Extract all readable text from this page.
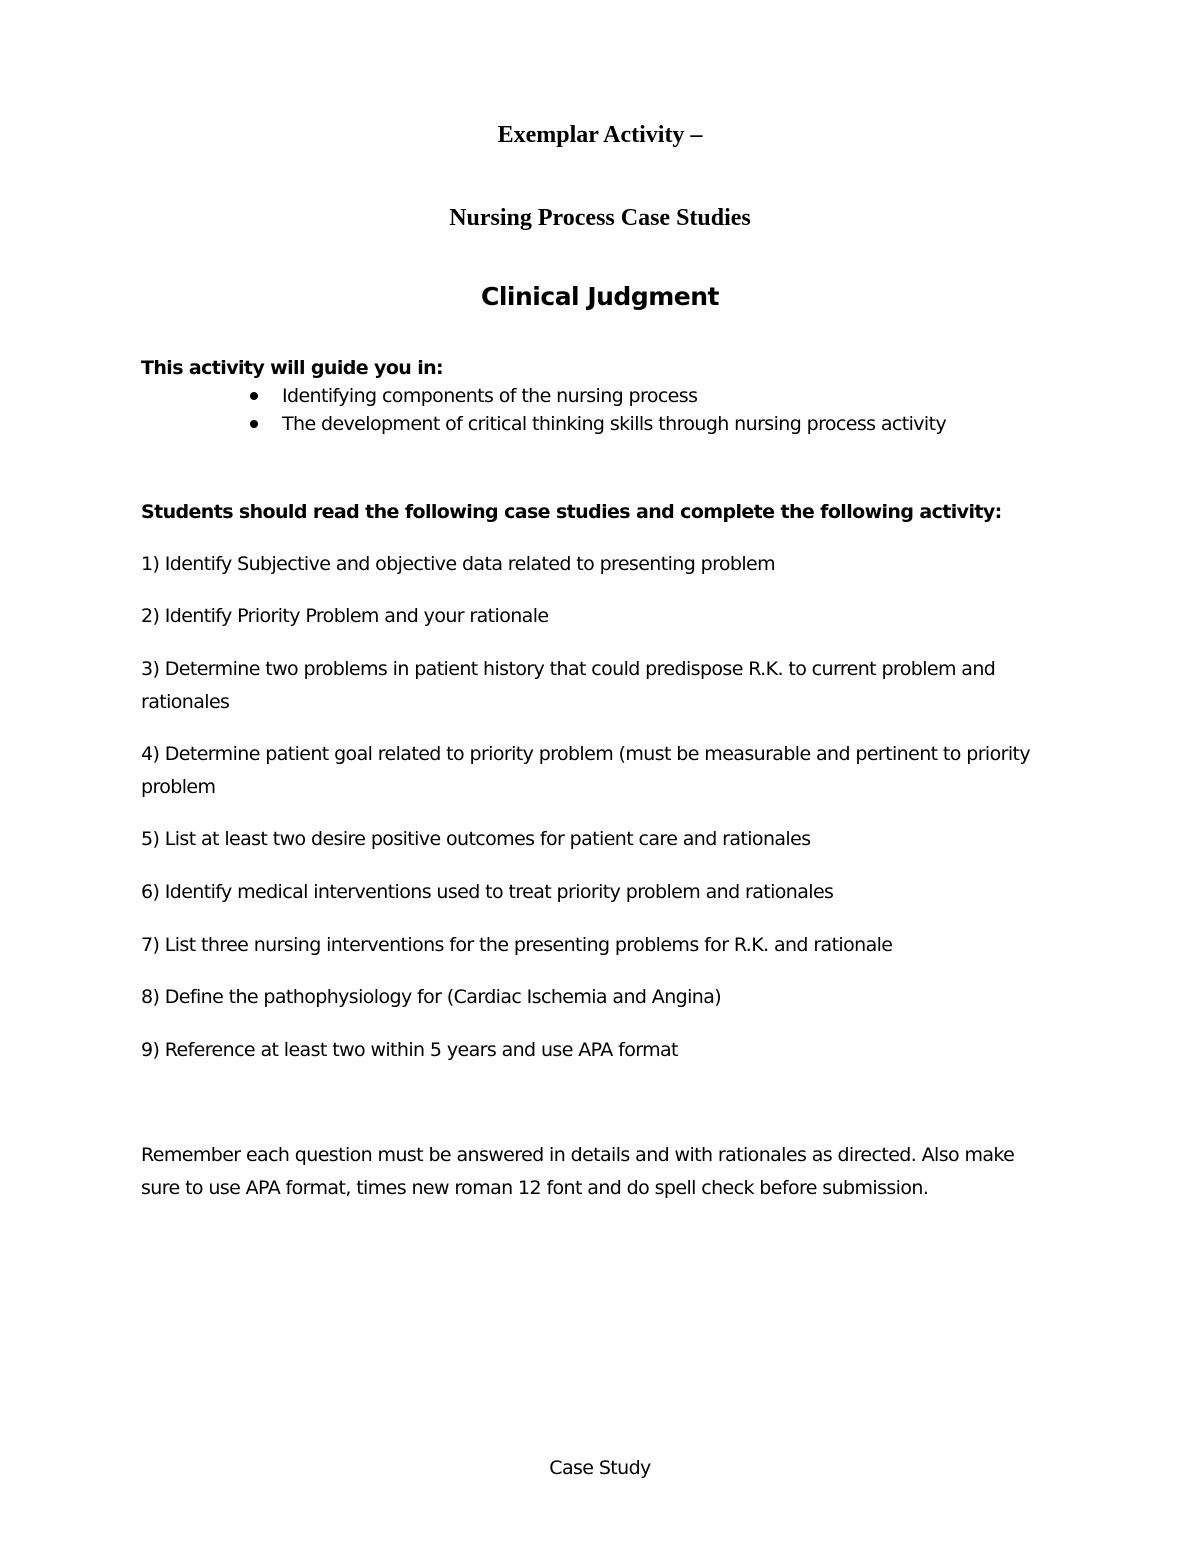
Exemplar Activity –
Nursing Process Case Studies
Clinical Judgment

This activity will guide you in:

Identifying components of the nursing process
The development of critical thinking skills through nursing process activity

Students should read the following case studies and complete the following activity:

1) Identify Subjective and objective data related to presenting problem

2) Identify Priority Problem and your rationale

3) Determine two problems in patient history that could predispose R.K. to current problem and rationales

4) Determine patient goal related to priority problem (must be measurable and pertinent to priority problem

5) List at least two desire positive outcomes for patient care and rationales

6) Identify medical interventions used to treat priority problem and rationales

7) List three nursing interventions for the presenting problems for R.K. and rationale

8) Define the pathophysiology for (Cardiac Ischemia and Angina)

9) Reference at least two within 5 years and use APA format

Remember each question must be answered in details and with rationales as directed. Also make sure to use APA format, times new roman 12 font and do spell check before submission.

Case Study
